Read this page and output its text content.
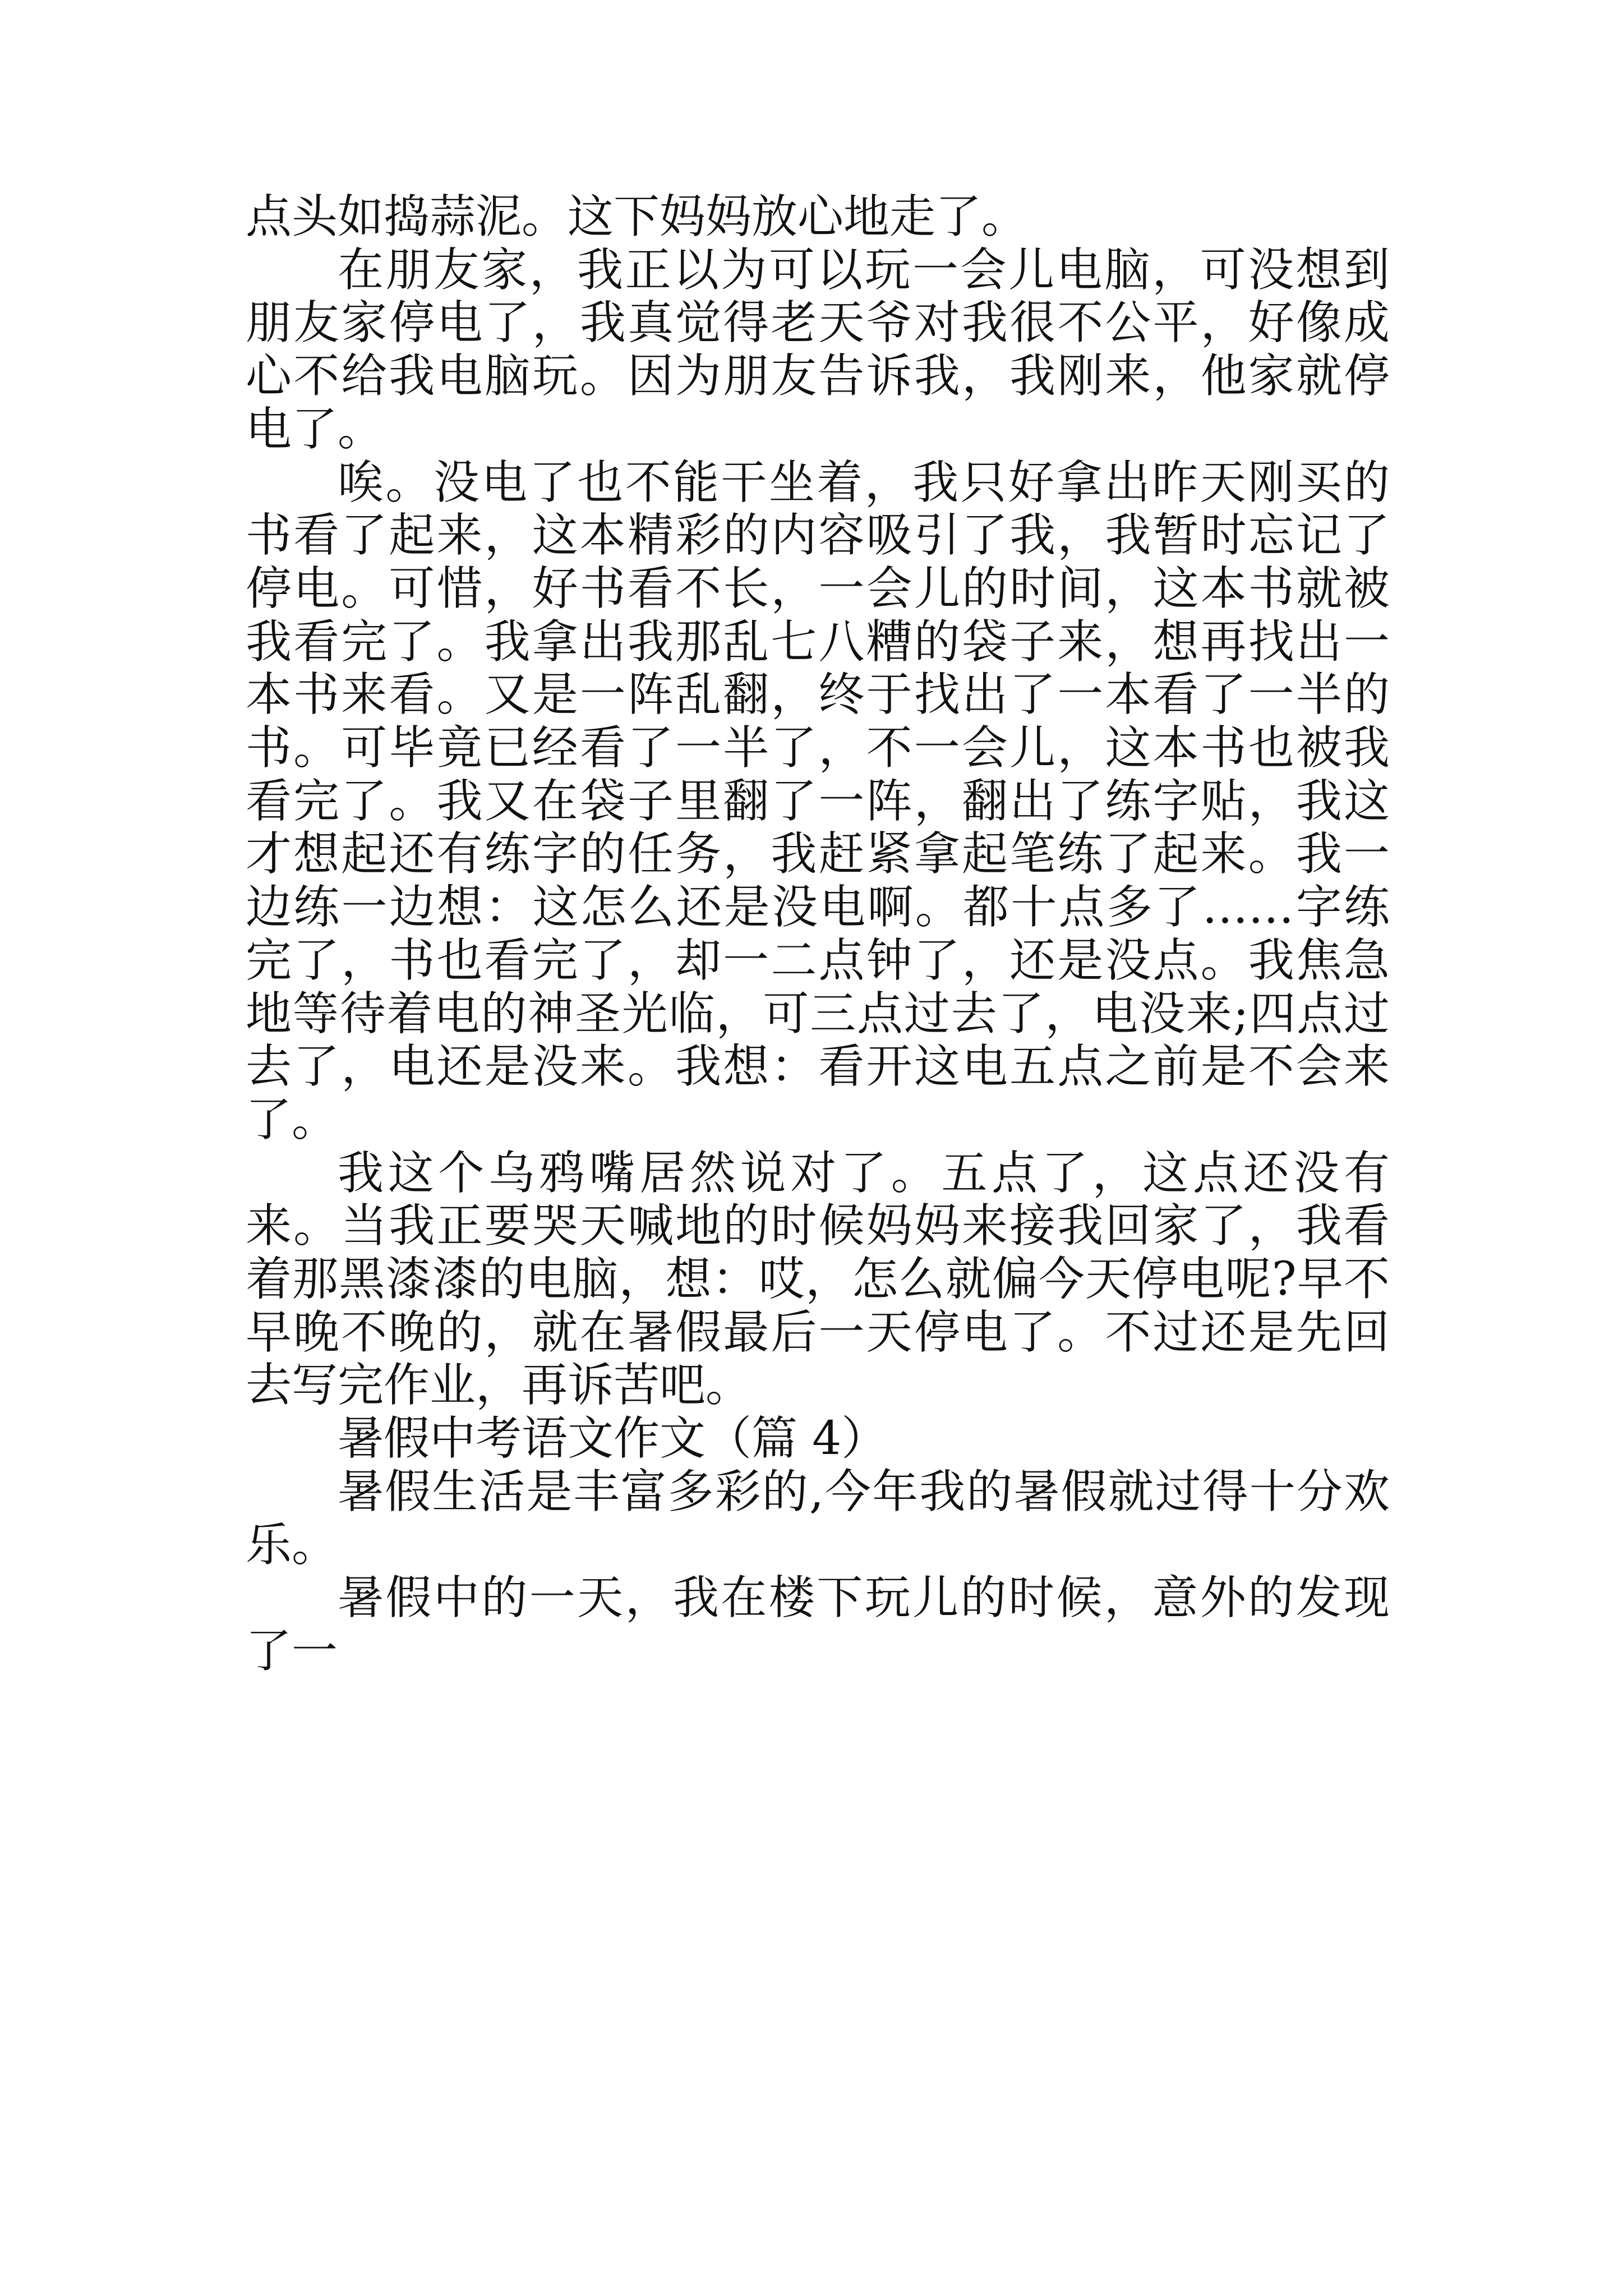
点头如捣蒜泥。这下妈妈放心地走了。

在朋友家，我正以为可以玩一会儿电脑，可没想到朋友家停电了，我真觉得老天爷对我很不公平，好像成心不给我电脑玩。因为朋友告诉我，我刚来，他家就停电了。

唉。没电了也不能干坐着，我只好拿出昨天刚买的书看了起来，这本精彩的内容吸引了我，我暂时忘记了停电。可惜，好书看不长，一会儿的时间，这本书就被我看完了。我拿出我那乱七八糟的袋子来，想再找出一本书来看。又是一阵乱翻，终于找出了一本看了一半的书。可毕竟已经看了一半了，不一会儿，这本书也被我看完了。我又在袋子里翻了一阵，翻出了练字贴，我这才想起还有练字的任务，我赶紧拿起笔练了起来。我一边练一边想：这怎么还是没电啊。都十点多了……字练完了，书也看完了，却一二点钟了，还是没点。我焦急地等待着电的神圣光临，可三点过去了，电没来;四点过去了，电还是没来。我想：看开这电五点之前是不会来了。

我这个乌鸦嘴居然说对了。五点了，这点还没有来。当我正要哭天喊地的时候妈妈来接我回家了，我看着那黑漆漆的电脑，想：哎，怎么就偏今天停电呢?早不早晚不晚的，就在暑假最后一天停电了。不过还是先回去写完作业，再诉苦吧。

暑假中考语文作文（篇 4）

暑假生活是丰富多彩的,今年我的暑假就过得十分欢乐。

暑假中的一天，我在楼下玩儿的时候，意外的发现了一
